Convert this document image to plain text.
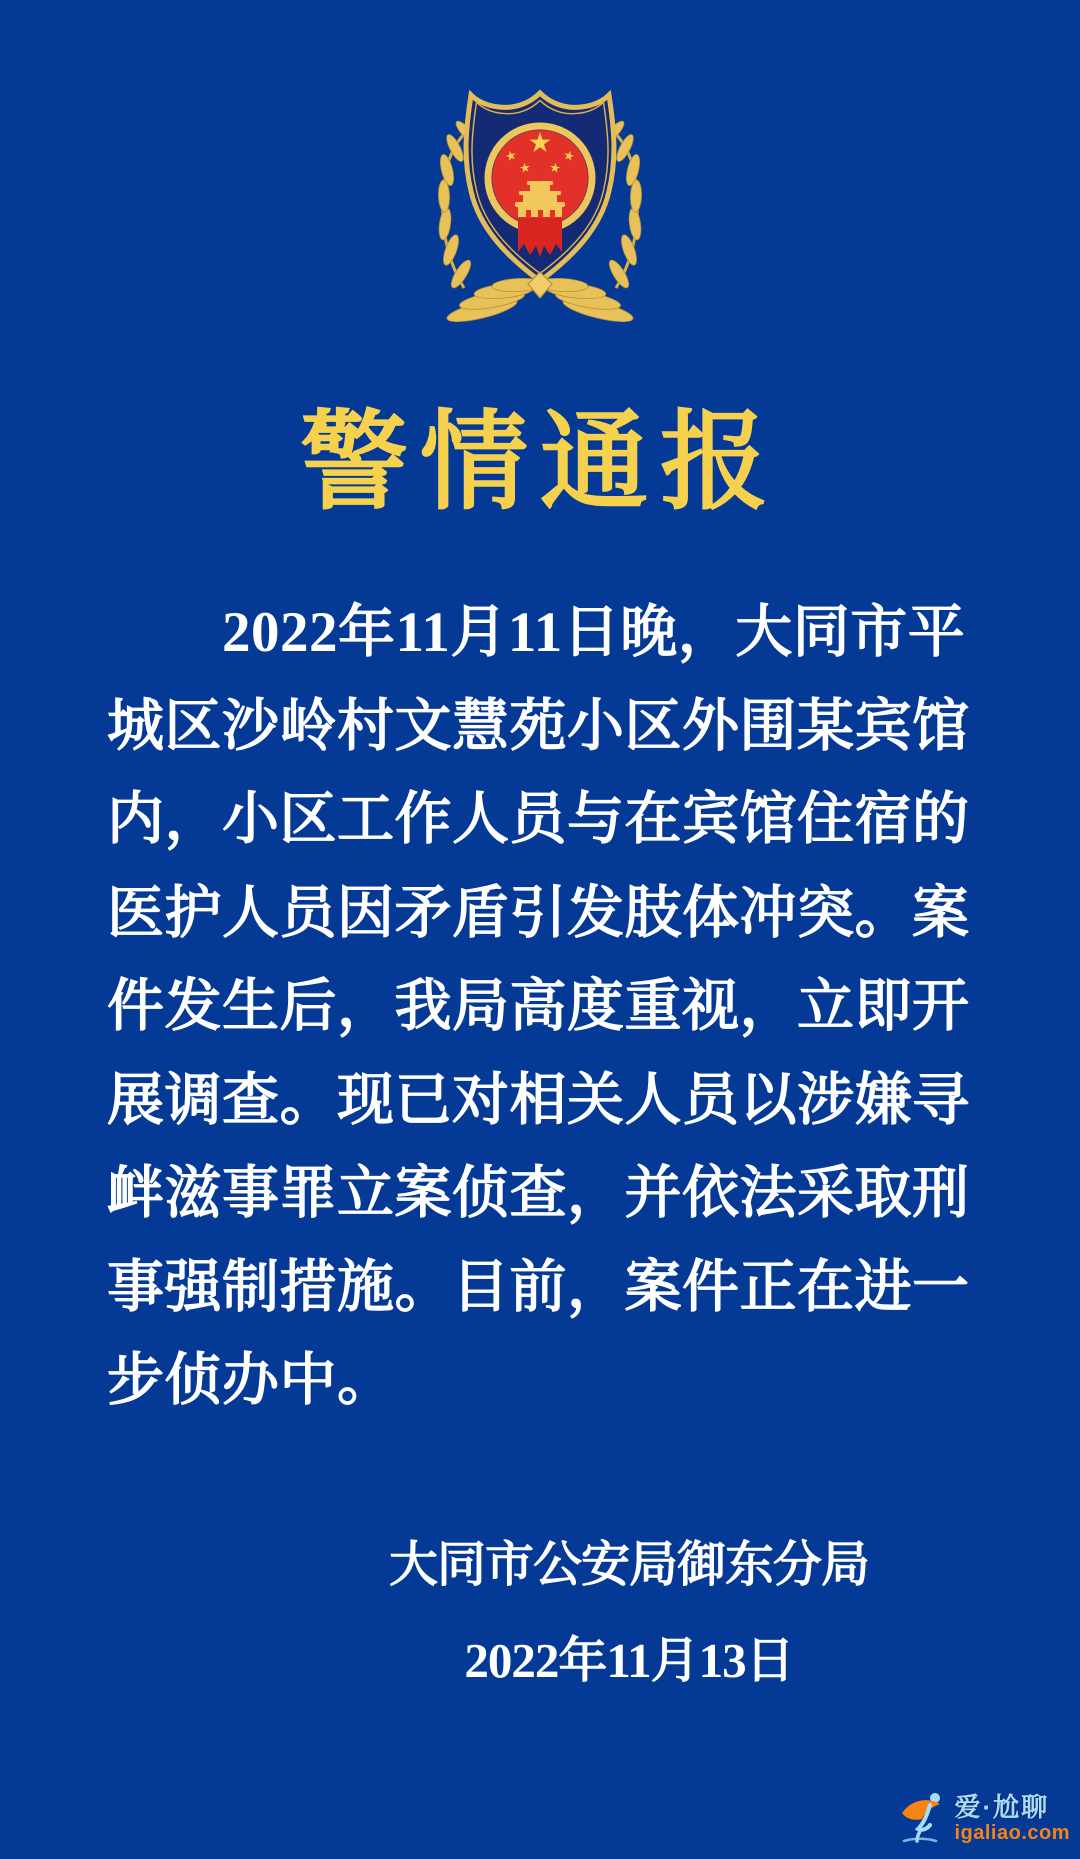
警情通报
　　2022年11月11日晚，大同市平
城区沙岭村文慧苑小区外围某宾馆
内，小区工作人员与在宾馆住宿的
医护人员因矛盾引发肢体冲突。案
件发生后，我局高度重视，立即开
展调查。现已对相关人员以涉嫌寻
衅滋事罪立案侦查，并依法采取刑
事强制措施。目前，案件正在进一
步侦办中。
大同市公安局御东分局
2022年11月13日
爱·尬聊
igaliao.com
